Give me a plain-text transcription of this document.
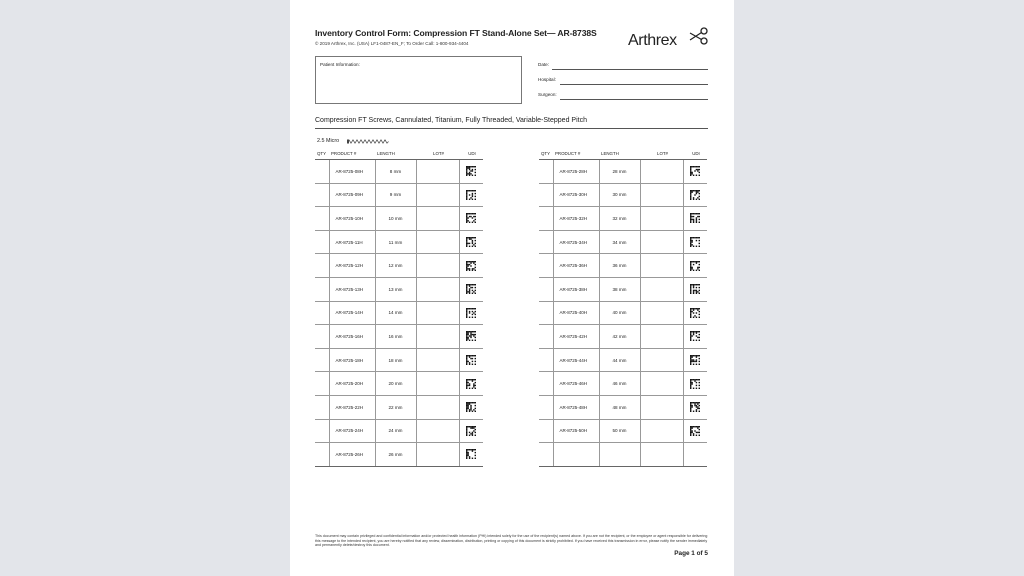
Inventory Control Form: Compression FT Stand-Alone Set— AR-8738S
© 2019 Arthrex, Inc. (USA) LF1-0487-EN_F; To Order Call: 1-800-934-4404	Arthrex
Patient Information:	Date:
Hospital:
Surgeon:
Compression FT Screws, Cannulated, Titanium, Fully Threaded, Variable-Stepped Pitch
2.5 Micro
QTY	PRODUCT #	LENGTH	LOT#	UDI
	AR-8725-08H	8 mm		
	AR-8725-09H	9 mm		
	AR-8725-10H	10 mm		
	AR-8725-11H	11 mm		
	AR-8725-12H	12 mm		
	AR-8725-13H	13 mm		
	AR-8725-14H	14 mm		
	AR-8725-16H	16 mm		
	AR-8725-18H	18 mm		
	AR-8725-20H	20 mm		
	AR-8725-22H	22 mm		
	AR-8725-24H	24 mm		
	AR-8725-26H	26 mm		
QTY	PRODUCT #	LENGTH	LOT#	UDI
	AR-8725-28H	28 mm		
	AR-8725-30H	30 mm		
	AR-8725-32H	32 mm		
	AR-8725-34H	34 mm		
	AR-8725-36H	36 mm		
	AR-8725-38H	38 mm		
	AR-8725-40H	40 mm		
	AR-8725-42H	42 mm		
	AR-8725-44H	44 mm		
	AR-8725-46H	46 mm		
	AR-8725-48H	48 mm		
	AR-8725-50H	50 mm		

This document may contain privileged and confidential information and/or protected health information (PHI) intended solely for the use of the recipient(s) named above. If you are not the recipient, or the employee or agent responsible for delivering this message to the intended recipient, you are hereby notified that any review, dissemination, distribution, printing or copying of this document is strictly prohibited. If you have received this transmission in error, please notify the sender immediately and permanently delete/destroy this document.
Page 1 of 5
